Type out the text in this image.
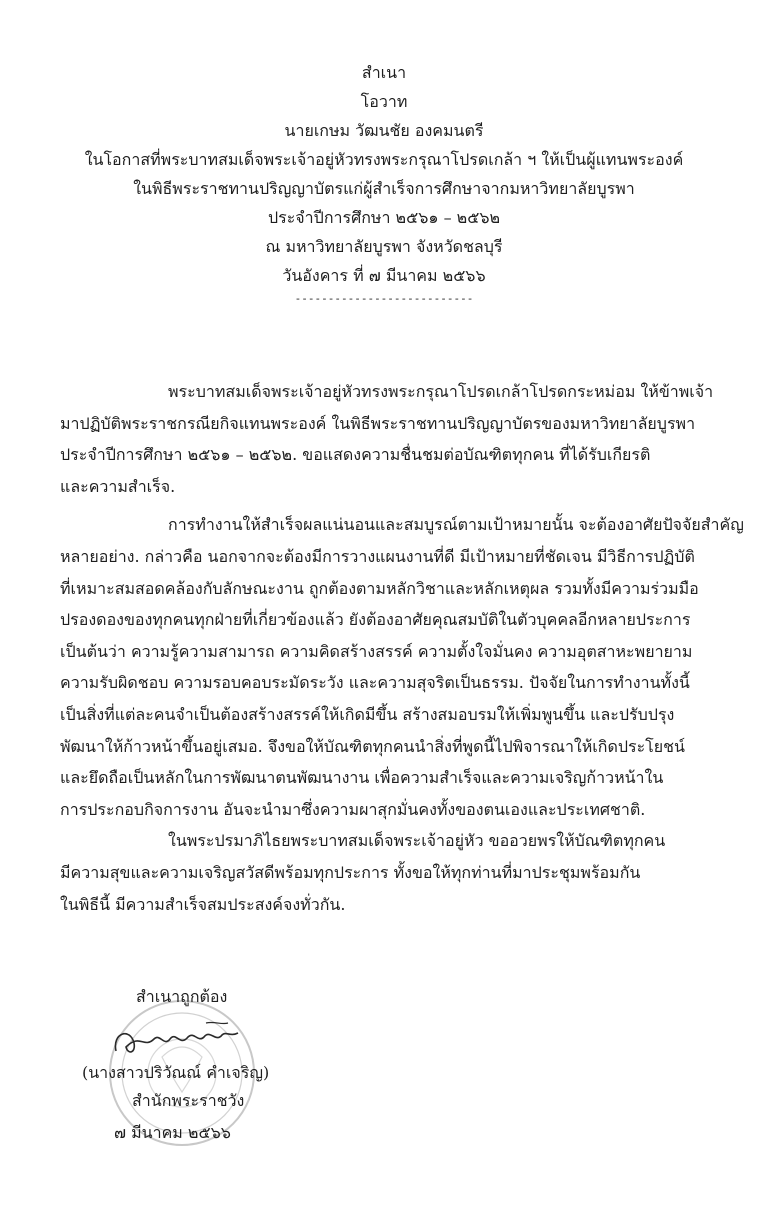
สำเนา
โอวาท
นายเกษม วัฒนชัย องคมนตรี
ในโอกาสที่พระบาทสมเด็จพระเจ้าอยู่หัวทรงพระกรุณาโปรดเกล้า ฯ ให้เป็นผู้แทนพระองค์
ในพิธีพระราชทานปริญญาบัตรแก่ผู้สำเร็จการศึกษาจากมหาวิทยาลัยบูรพา
ประจำปีการศึกษา ๒๕๖๑ – ๒๕๖๒
ณ มหาวิทยาลัยบูรพา จังหวัดชลบุรี
วันอังคาร ที่ ๗ มีนาคม ๒๕๖๖
---------------------------

พระบาทสมเด็จพระเจ้าอยู่หัวทรงพระกรุณาโปรดเกล้าโปรดกระหม่อม ให้ข้าพเจ้า

มาปฏิบัติพระราชกรณียกิจแทนพระองค์ ในพิธีพระราชทานปริญญาบัตรของมหาวิทยาลัยบูรพา

ประจำปีการศึกษา ๒๕๖๑ – ๒๕๖๒. ขอแสดงความชื่นชมต่อบัณฑิตทุกคน ที่ได้รับเกียรติ

และความสำเร็จ.

การทำงานให้สำเร็จผลแน่นอนและสมบูรณ์ตามเป้าหมายนั้น จะต้องอาศัยปัจจัยสำคัญ

หลายอย่าง. กล่าวคือ นอกจากจะต้องมีการวางแผนงานที่ดี มีเป้าหมายที่ชัดเจน มีวิธีการปฏิบัติ

ที่เหมาะสมสอดคล้องกับลักษณะงาน ถูกต้องตามหลักวิชาและหลักเหตุผล รวมทั้งมีความร่วมมือ

ปรองดองของทุกคนทุกฝ่ายที่เกี่ยวข้องแล้ว ยังต้องอาศัยคุณสมบัติในตัวบุคคลอีกหลายประการ

เป็นต้นว่า ความรู้ความสามารถ ความคิดสร้างสรรค์ ความตั้งใจมั่นคง ความอุตสาหะพยายาม

ความรับผิดชอบ ความรอบคอบระมัดระวัง และความสุจริตเป็นธรรม. ปัจจัยในการทำงานทั้งนี้

เป็นสิ่งที่แต่ละคนจำเป็นต้องสร้างสรรค์ให้เกิดมีขึ้น สร้างสมอบรมให้เพิ่มพูนขึ้น และปรับปรุง

พัฒนาให้ก้าวหน้าขึ้นอยู่เสมอ. จึงขอให้บัณฑิตทุกคนนำสิ่งที่พูดนี้ไปพิจารณาให้เกิดประโยชน์

และยึดถือเป็นหลักในการพัฒนาตนพัฒนางาน เพื่อความสำเร็จและความเจริญก้าวหน้าใน

การประกอบกิจการงาน อันจะนำมาซึ่งความผาสุกมั่นคงทั้งของตนเองและประเทศชาติ.

ในพระปรมาภิไธยพระบาทสมเด็จพระเจ้าอยู่หัว ขออวยพรให้บัณฑิตทุกคน

มีความสุขและความเจริญสวัสดีพร้อมทุกประการ ทั้งขอให้ทุกท่านที่มาประชุมพร้อมกัน

ในพิธีนี้ มีความสำเร็จสมประสงค์จงทั่วกัน.

สำเนาถูกต้อง
(นางสาวปริวัณณ์ คำเจริญ)
สำนักพระราชวัง
๗ มีนาคม ๒๕๖๖
